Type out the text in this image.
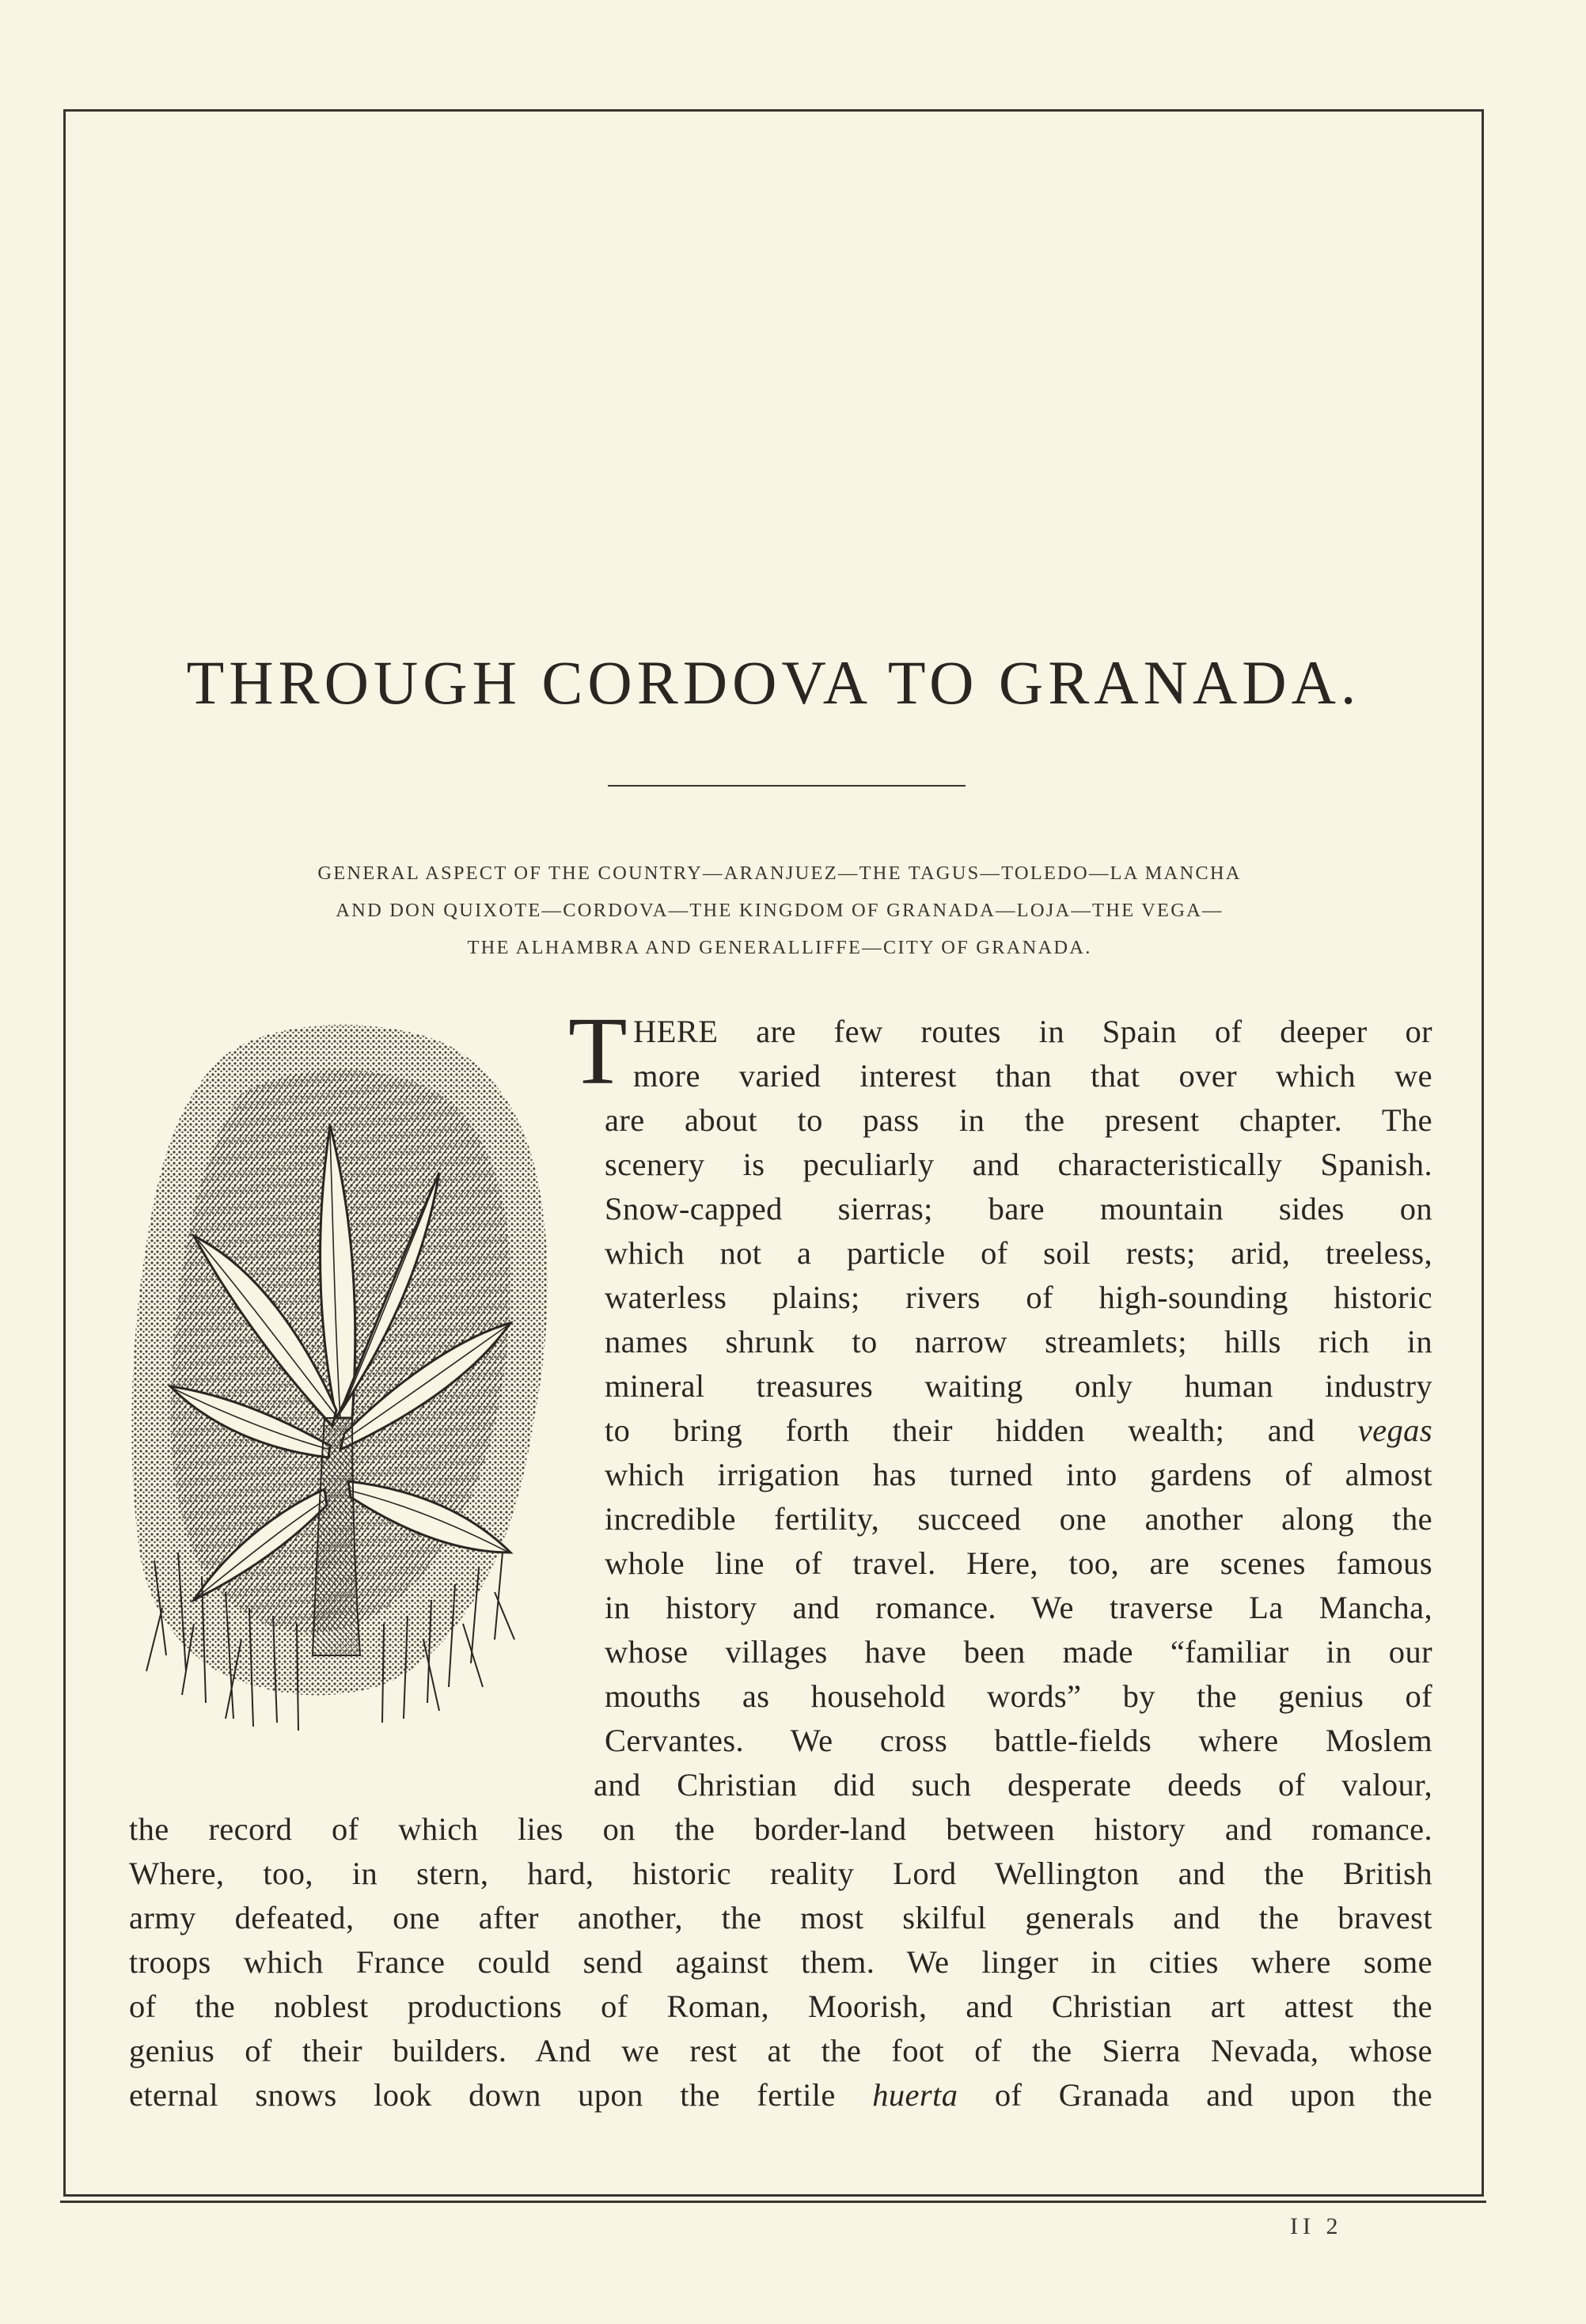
THROUGH CORDOVA TO GRANADA.
GENERAL ASPECT OF THE COUNTRY—ARANJUEZ—THE TAGUS—TOLEDO—LA MANCHA
AND DON QUIXOTE—CORDOVA—THE KINGDOM OF GRANADA—LOJA—THE VEGA—
THE ALHAMBRA AND GENERALLIFFE—CITY OF GRANADA.
T HERE are few routes in Spain of deeper or
more varied interest than that over which we
are about to pass in the present chapter. The
scenery is peculiarly and characteristically Spanish.
Snow-capped sierras; bare mountain sides on
which not a particle of soil rests; arid, treeless,
waterless plains; rivers of high-sounding historic
names shrunk to narrow streamlets; hills rich in
mineral treasures waiting only human industry
to bring forth their hidden wealth; and vegas
which irrigation has turned into gardens of almost
incredible fertility, succeed one another along the
whole line of travel. Here, too, are scenes famous
in history and romance. We traverse La Mancha,
whose villages have been made “familiar in our
mouths as household words” by the genius of
Cervantes. We cross battle-fields where Moslem
and Christian did such desperate deeds of valour,
the record of which lies on the border-land between history and romance.
Where, too, in stern, hard, historic reality Lord Wellington and the British
army defeated, one after another, the most skilful generals and the bravest
troops which France could send against them. We linger in cities where some
of the noblest productions of Roman, Moorish, and Christian art attest the
genius of their builders. And we rest at the foot of the Sierra Nevada, whose
eternal snows look down upon the fertile huerta of Granada and upon the
II 2
